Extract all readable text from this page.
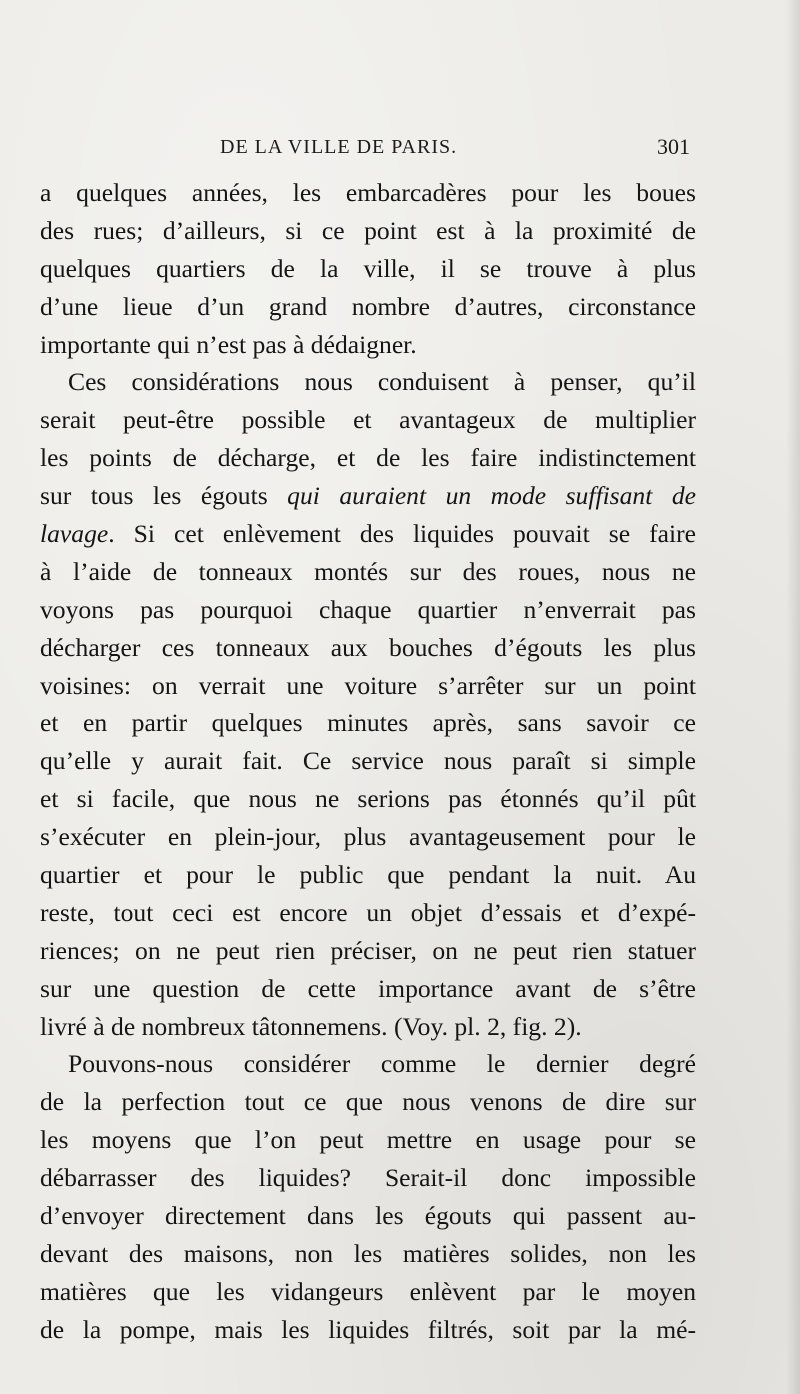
DE LA VILLE DE PARIS.	301
a quelques années, les embarcadères pour les boues
des rues; d’ailleurs, si ce point est à la proximité de
quelques quartiers de la ville, il se trouve à plus
d’une lieue d’un grand nombre d’autres, circonstance
importante qui n’est pas à dédaigner.
Ces considérations nous conduisent à penser, qu’il
serait peut-être possible et avantageux de multiplier
les points de décharge, et de les faire indistinctement
sur tous les égouts qui auraient un mode suffisant de
lavage. Si cet enlèvement des liquides pouvait se faire
à l’aide de tonneaux montés sur des roues, nous ne
voyons pas pourquoi chaque quartier n’enverrait pas
décharger ces tonneaux aux bouches d’égouts les plus
voisines: on verrait une voiture s’arrêter sur un point
et en partir quelques minutes après, sans savoir ce
qu’elle y aurait fait. Ce service nous paraît si simple
et si facile, que nous ne serions pas étonnés qu’il pût
s’exécuter en plein-jour, plus avantageusement pour le
quartier et pour le public que pendant la nuit. Au
reste, tout ceci est encore un objet d’essais et d’expé-
riences; on ne peut rien préciser, on ne peut rien statuer
sur une question de cette importance avant de s’être
livré à de nombreux tâtonnemens. (Voy. pl. 2, fig. 2).
Pouvons-nous considérer comme le dernier degré
de la perfection tout ce que nous venons de dire sur
les moyens que l’on peut mettre en usage pour se
débarrasser des liquides? Serait-il donc impossible
d’envoyer directement dans les égouts qui passent au-
devant des maisons, non les matières solides, non les
matières que les vidangeurs enlèvent par le moyen
de la pompe, mais les liquides filtrés, soit par la mé-
